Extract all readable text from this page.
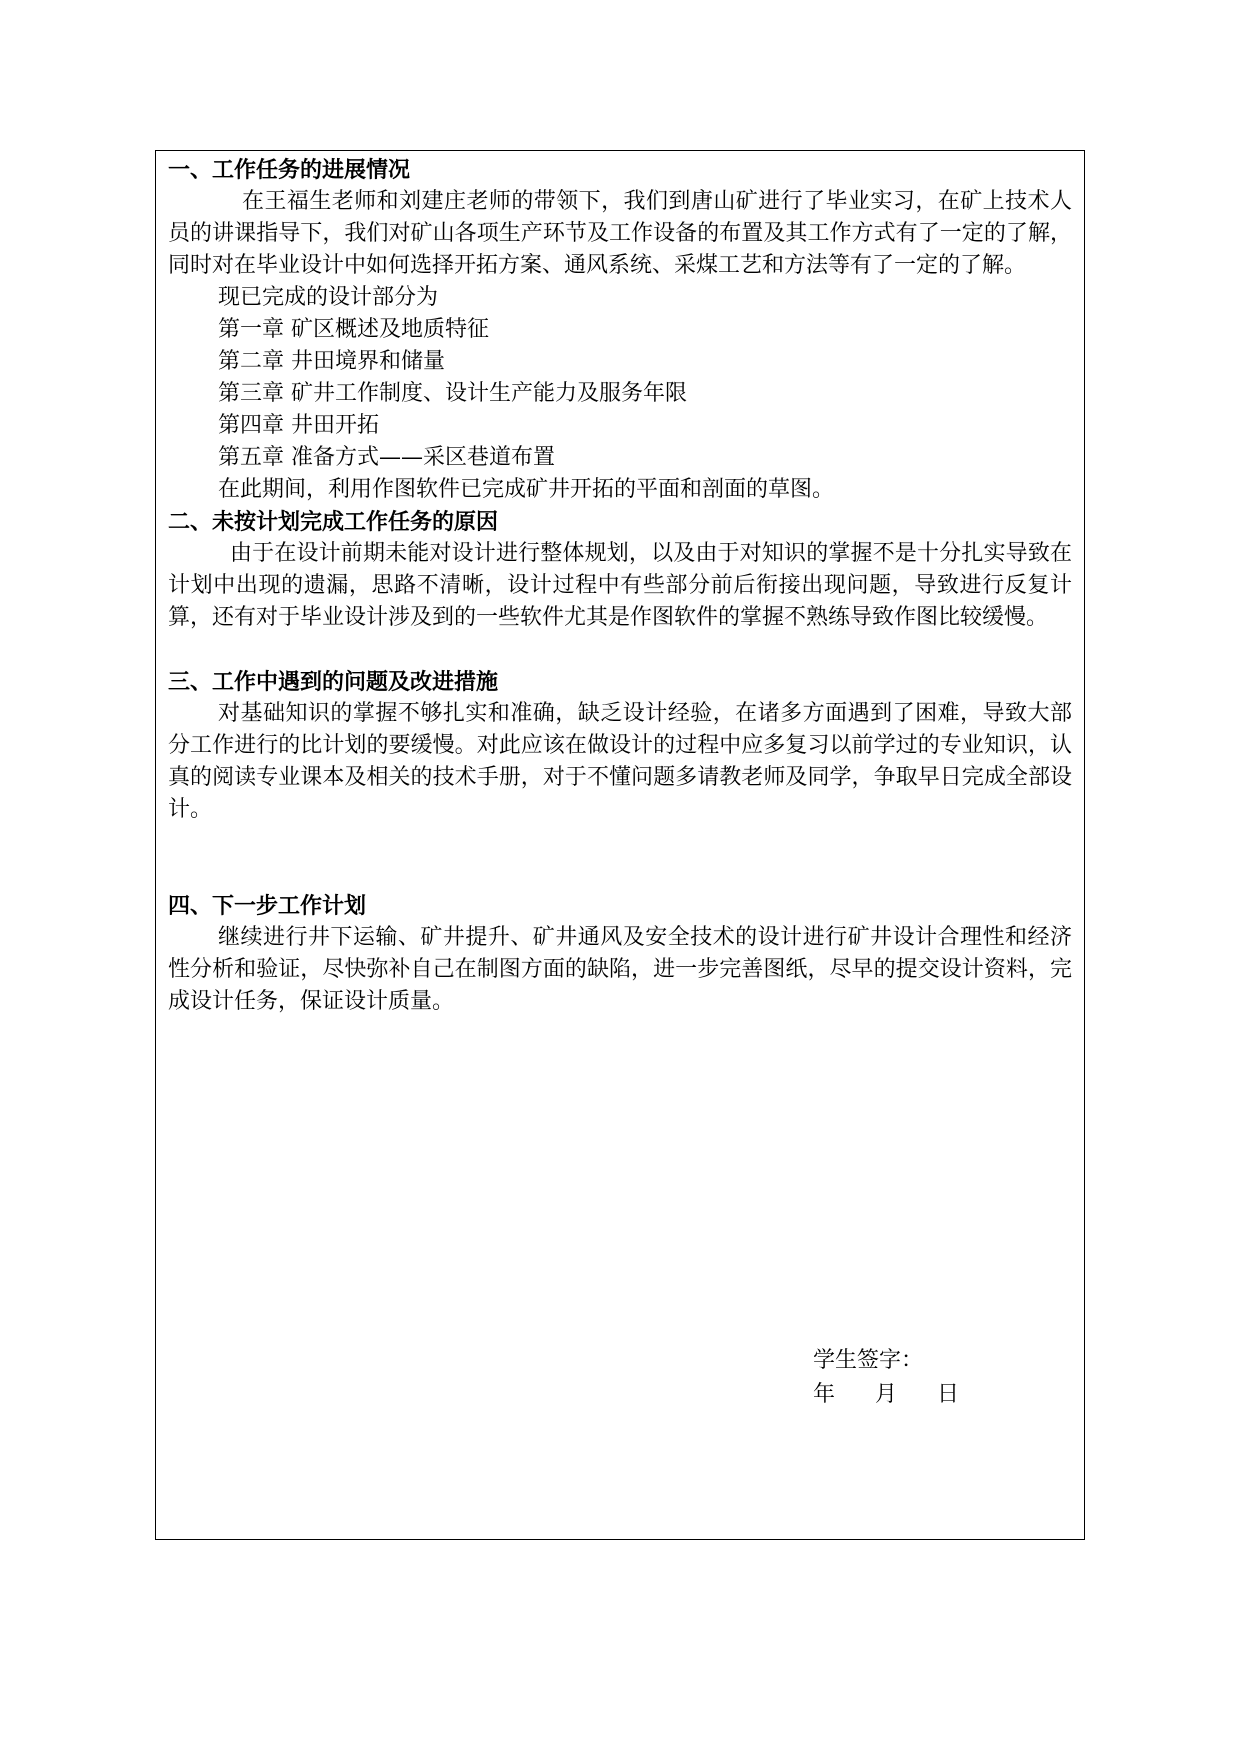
一、工作任务的进展情况

在王福生老师和刘建庄老师的带领下，我们到唐山矿进行了毕业实习，在矿上技术人员的讲课指导下，我们对矿山各项生产环节及工作设备的布置及其工作方式有了一定的了解，同时对在毕业设计中如何选择开拓方案、通风系统、采煤工艺和方法等有了一定的了解。

现已完成的设计部分为

第一章 矿区概述及地质特征

第二章 井田境界和储量

第三章 矿井工作制度、设计生产能力及服务年限

第四章 井田开拓

第五章 准备方式——采区巷道布置

在此期间，利用作图软件已完成矿井开拓的平面和剖面的草图。

二、未按计划完成工作任务的原因

由于在设计前期未能对设计进行整体规划，以及由于对知识的掌握不是十分扎实导致在计划中出现的遗漏，思路不清晰，设计过程中有些部分前后衔接出现问题，导致进行反复计算，还有对于毕业设计涉及到的一些软件尤其是作图软件的掌握不熟练导致作图比较缓慢。

三、工作中遇到的问题及改进措施

对基础知识的掌握不够扎实和准确，缺乏设计经验，在诸多方面遇到了困难，导致大部分工作进行的比计划的要缓慢。对此应该在做设计的过程中应多复习以前学过的专业知识，认真的阅读专业课本及相关的技术手册，对于不懂问题多请教老师及同学，争取早日完成全部设计。

四、下一步工作计划

继续进行井下运输、矿井提升、矿井通风及安全技术的设计进行矿井设计合理性和经济性分析和验证，尽快弥补自己在制图方面的缺陷，进一步完善图纸，尽早的提交设计资料，完成设计任务，保证设计质量。

学生签字：
年 月 日
